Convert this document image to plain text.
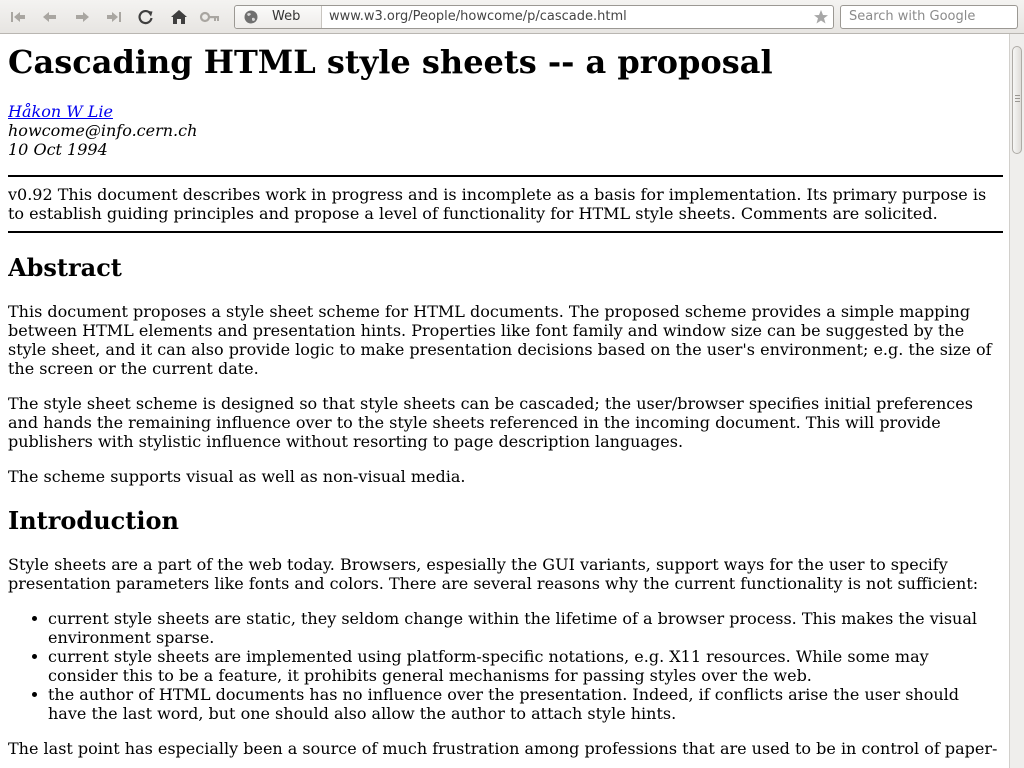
Web www.w3.org/People/howcome/p/cascade.html	Search with Google
Cascading HTML style sheets -- a proposal
Håkon W Lie
howcome@info.cern.ch
10 Oct 1994

v0.92 This document describes work in progress and is incomplete as a basis for implementation. Its primary purpose is to establish guiding principles and propose a level of functionality for HTML style sheets. Comments are solicited.

Abstract

This document proposes a style sheet scheme for HTML documents. The proposed scheme provides a simple mapping between HTML elements and presentation hints. Properties like font family and window size can be suggested by the style sheet, and it can also provide logic to make presentation decisions based on the user's environment; e.g. the size of the screen or the current date.

The style sheet scheme is designed so that style sheets can be cascaded; the user/browser specifies initial preferences and hands the remaining influence over to the style sheets referenced in the incoming document. This will provide publishers with stylistic influence without resorting to page description languages.

The scheme supports visual as well as non-visual media.

Introduction

Style sheets are a part of the web today. Browsers, espesially the GUI variants, support ways for the user to specify presentation parameters like fonts and colors. There are several reasons why the current functionality is not sufficient:

current style sheets are static, they seldom change within the lifetime of a browser process. This makes the visual environment sparse.
current style sheets are implemented using platform-specific notations, e.g. X11 resources. While some may consider this to be a feature, it prohibits general mechanisms for passing styles over the web.
the author of HTML documents has no influence over the presentation. Indeed, if conflicts arise the user should have the last word, but one should also allow the author to attach style hints.

The last point has especially been a source of much frustration among professions that are used to be in control of paper-
